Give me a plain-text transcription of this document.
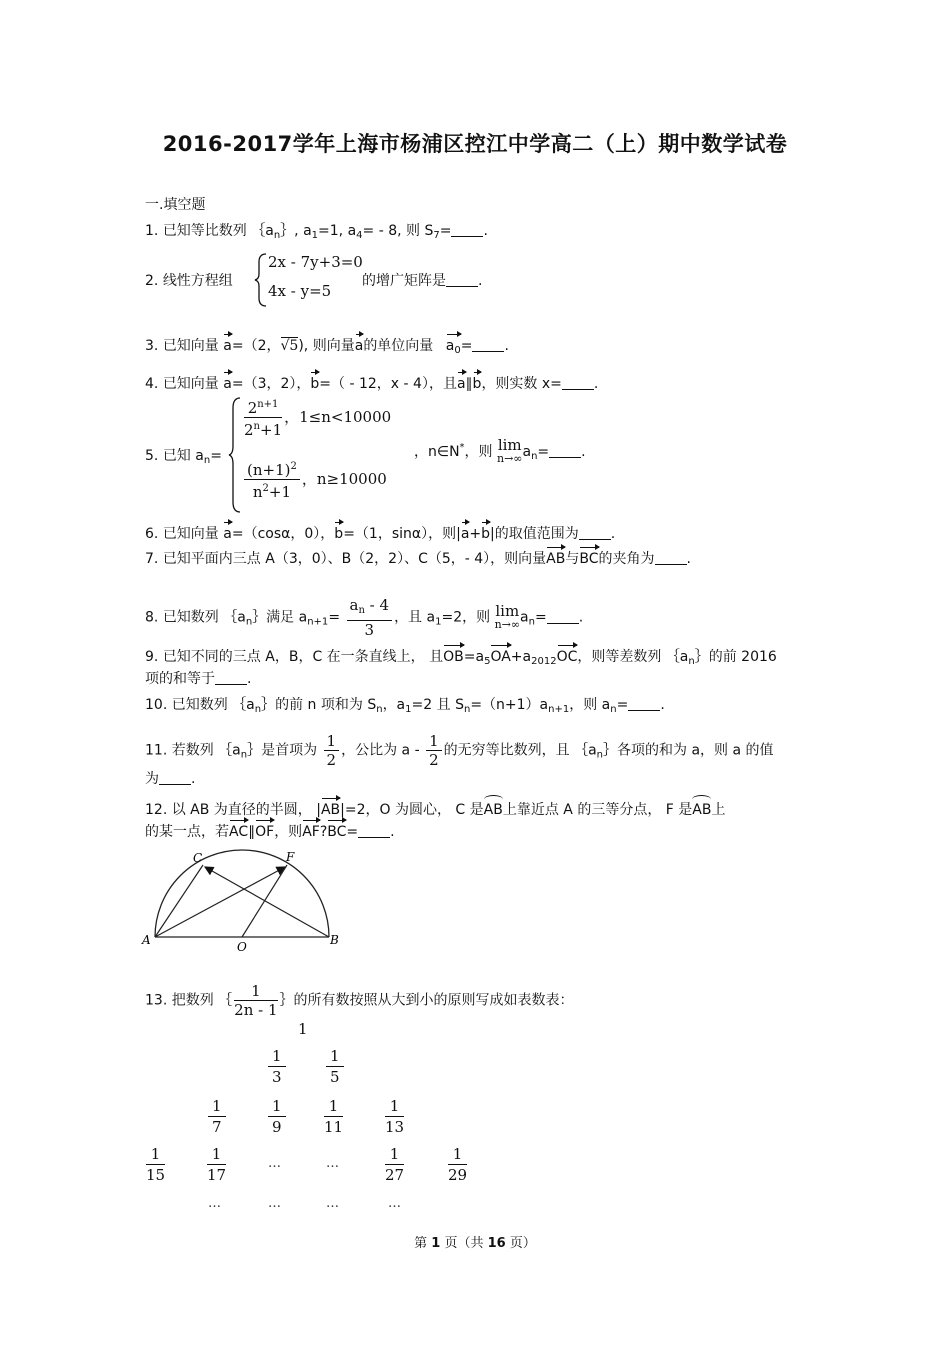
2016-2017学年上海市杨浦区控江中学高二（上）期中数学试卷
一.填空题
1. 已知等比数列 $\{a_n\}$, $a_1=1$, $a_4= - 8$, 则 $S_7=$ .
2. 线性方程组
2x - 7y+3=0
4x - y=5
的增广矩阵是 .
3. 已知向量 a=（2，√5), 则向量a的单位向量 $a_0=$ .
4. 已知向量 a=（3，2），b=（ - 12，x - 4），且a∥b，则实数 x= .
5. 已知 $a_n=$
$\frac{2^{n+1}}{2^n+1}$ ，1≤n<10000
$\frac{(n+1)^2}{n^2+1}$ ，n≥10000
，n∈N*，则 lim
n→∞ $a_n=$ .
6. 已知向量 a=（cosα，0），b=（1，sinα），则|a+b|的取值范围为 .
7. 已知平面内三点 A（3，0）、B（2，2）、C（5，- 4），则向量AB与BC的夹角为 .
8. 已知数列 $\{a_n\}$满足 $a_{n+1}= \frac{a_n - 4}{3}$ ，且 $a_1=2$，则 lim
n→∞ $a_n=$ .
9. 已知不同的三点 A，B，C 在一条直线上， 且$OB=a_5OA+a_{2012}OC$，则等差数列 $\{a_n\}$的前 2016
项的和等于 .
10. 已知数列 $\{a_n\}$的前 n 项和为 $S_n$，$a_1=2$ 且 $S_n=(n+1)a_{n+1}$，则 $a_n=$ .
11. 若数列 $\{a_n\}$是首项为 $\frac{1}{2}$ ，公比为 a - $\frac{1}{2}$ 的无穷等比数列，且 $\{a_n\}$各项的和为 a，则 a 的值
为 .
12. 以 AB 为直径的半圆， |AB|=2，O 为圆心， C 是AB上靠近点 A 的三等分点， F 是AB上
的某一点，若AC∥OF，则AF?BC= .
C	F
A	B
O
13. 把数列 ｛ $\frac{1}{2n - 1}$ ｝的所有数按照从大到小的原则写成如表数表：
1
$\frac{1}{3}$	$\frac{1}{5}$
$\frac{1}{7}$	$\frac{1}{9}$	$\frac{1}{11}$	$\frac{1}{13}$
$\frac{1}{15}$	$\frac{1}{17}$	…	…	$\frac{1}{27}$	$\frac{1}{29}$
…	…	…	…
第 1 页（共 16 页）
